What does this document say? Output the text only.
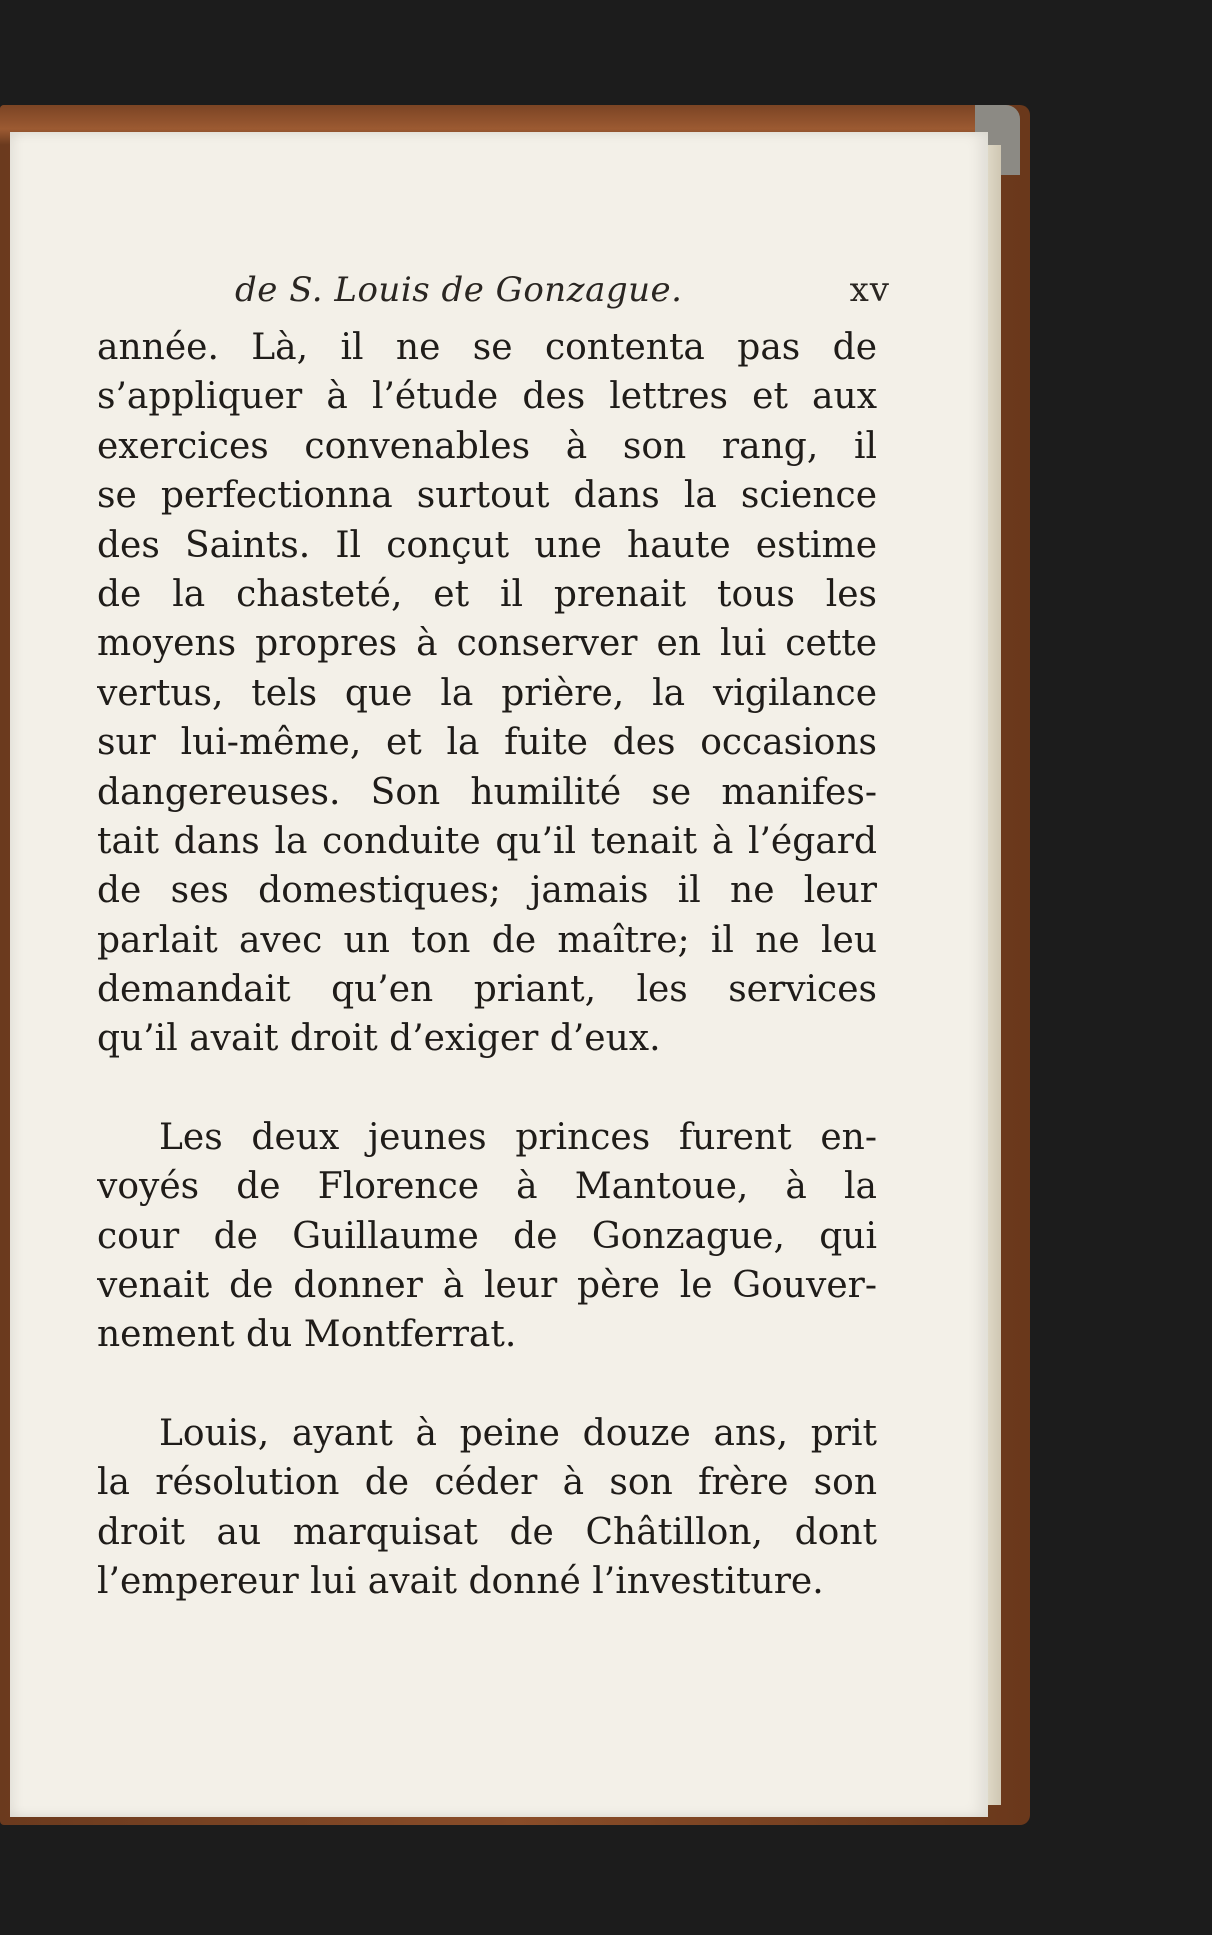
de S. Louis de Gonzague.	xv
année. Là, il ne se contenta pas de
s’appliquer à l’étude des lettres et aux
exercices convenables à son rang, il
se perfectionna surtout dans la science
des Saints. Il conçut une haute estime
de la chasteté, et il prenait tous les
moyens propres à conserver en lui cette
vertus, tels que la prière, la vigilance
sur lui-même, et la fuite des occasions
dangereuses. Son humilité se manifes-
tait dans la conduite qu’il tenait à l’égard
de ses domestiques; jamais il ne leur
parlait avec un ton de maître; il ne leu
demandait qu’en priant, les services
qu’il avait droit d’exiger d’eux.
Les deux jeunes princes furent en-
voyés de Florence à Mantoue, à la
cour de Guillaume de Gonzague, qui
venait de donner à leur père le Gouver-
nement du Montferrat.
Louis, ayant à peine douze ans, prit
la résolution de céder à son frère son
droit au marquisat de Châtillon, dont
l’empereur lui avait donné l’investiture.
